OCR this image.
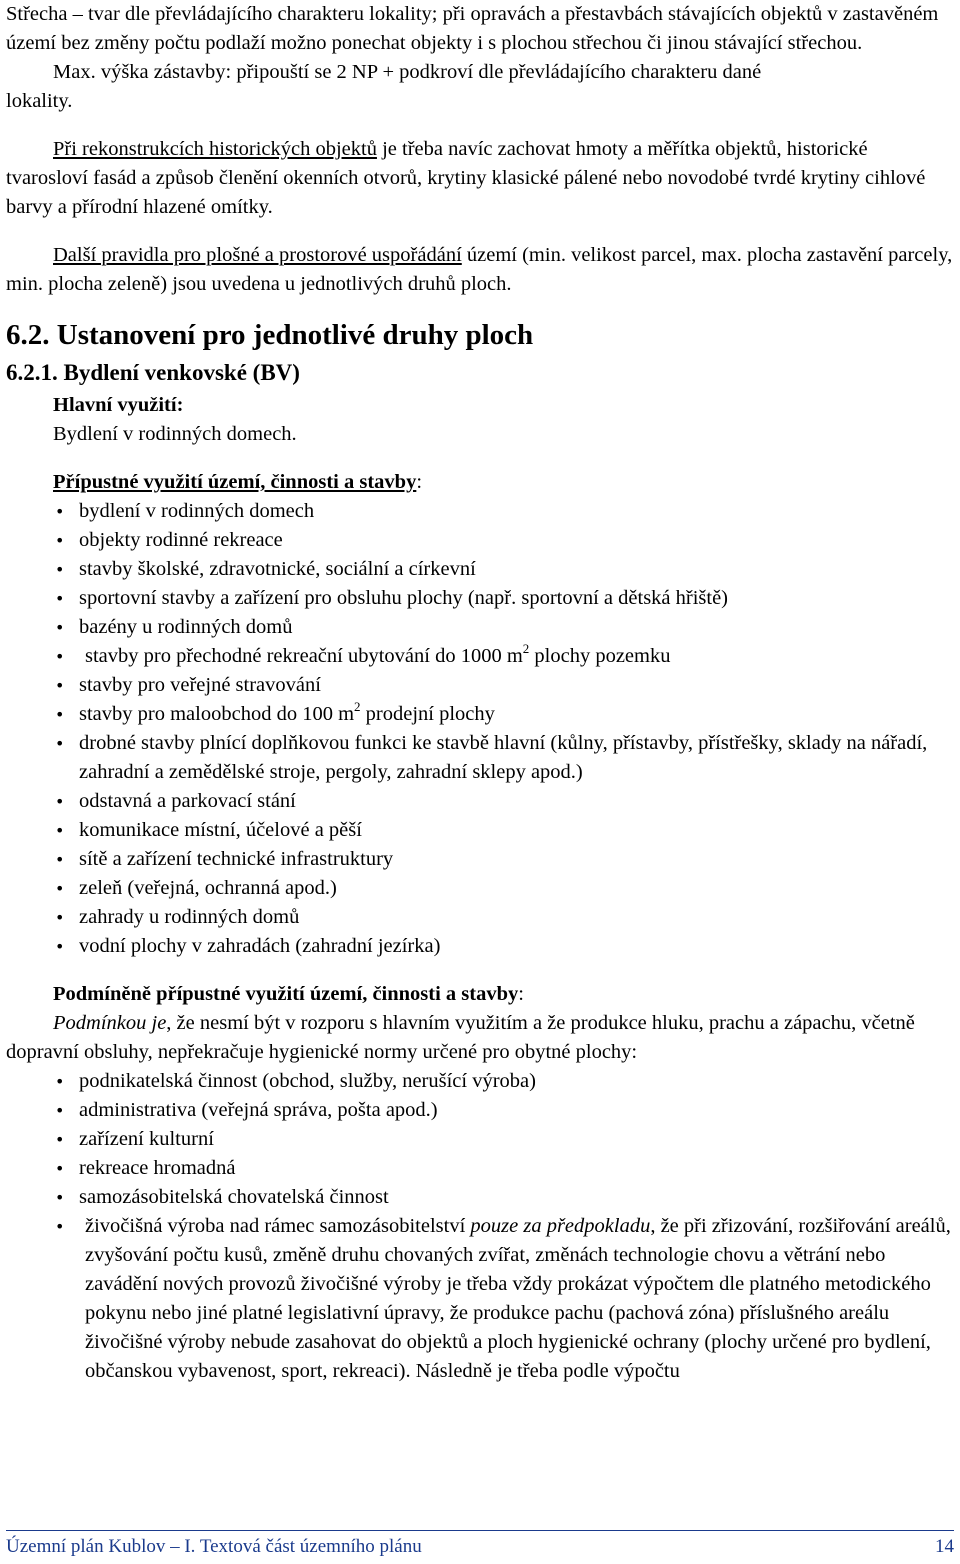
Střecha – tvar dle převládajícího charakteru lokality; při opravách a přestavbách stávajících objektů v zastavěném území bez změny počtu podlaží možno ponechat objekty i s plochou střechou či jinou stávající střechou.

Max. výška zástavby: připouští se 2 NP + podkroví dle převládajícího charakteru dané

lokality.

Při rekonstrukcích historických objektů je třeba navíc zachovat hmoty a měřítka objektů, historické tvarosloví fasád a způsob členění okenních otvorů, krytiny klasické pálené nebo novodobé tvrdé krytiny cihlové barvy a přírodní hlazené omítky.

Další pravidla pro plošné a prostorové uspořádání území (min. velikost parcel, max. plocha zastavění parcely, min. plocha zeleně) jsou uvedena u jednotlivých druhů ploch.

6.2. Ustanovení pro jednotlivé druhy ploch
6.2.1. Bydlení venkovské (BV)

Hlavní využití:

Bydlení v rodinných domech.

Přípustné využití území, činnosti a stavby:

• bydlení v rodinných domech
• objekty rodinné rekreace
• stavby školské, zdravotnické, sociální a církevní
• sportovní stavby a zařízení pro obsluhu plochy (např. sportovní a dětská hřiště)
• bazény u rodinných domů
• stavby pro přechodné rekreační ubytování do 1000 $m^2$ plochy pozemku
• stavby pro veřejné stravování
• stavby pro maloobchod do 100 $m^2$ prodejní plochy
• drobné stavby plnící doplňkovou funkci ke stavbě hlavní (kůlny, přístavby, přístřešky, sklady na nářadí, zahradní a zemědělské stroje, pergoly, zahradní sklepy apod.)
• odstavná a parkovací stání
• komunikace místní, účelové a pěší
• sítě a zařízení technické infrastruktury
• zeleň (veřejná, ochranná apod.)
• zahrady u rodinných domů
• vodní plochy v zahradách (zahradní jezírka)

Podmíněně přípustné využití území, činnosti a stavby:

Podmínkou je, že nesmí být v rozporu s hlavním využitím a že produkce hluku, prachu a zápachu, včetně dopravní obsluhy, nepřekračuje hygienické normy určené pro obytné plochy:

• podnikatelská činnost (obchod, služby, nerušící výroba)
• administrativa (veřejná správa, pošta apod.)
• zařízení kulturní
• rekreace hromadná
• samozásobitelská chovatelská činnost
• živočišná výroba nad rámec samozásobitelství pouze za předpokladu, že při zřizování, rozšiřování areálů, zvyšování počtu kusů, změně druhu chovaných zvířat, změnách technologie chovu a větrání nebo zavádění nových provozů živočišné výroby je třeba vždy prokázat výpočtem dle platného metodického pokynu nebo jiné platné legislativní úpravy, že produkce pachu (pachová zóna) příslušného areálu živočišné výroby nebude zasahovat do objektů a ploch hygienické ochrany (plochy určené pro bydlení, občanskou vybavenost, sport, rekreaci). Následně je třeba podle výpočtu
Územní plán Kublov – I. Textová část územního plánu	14
